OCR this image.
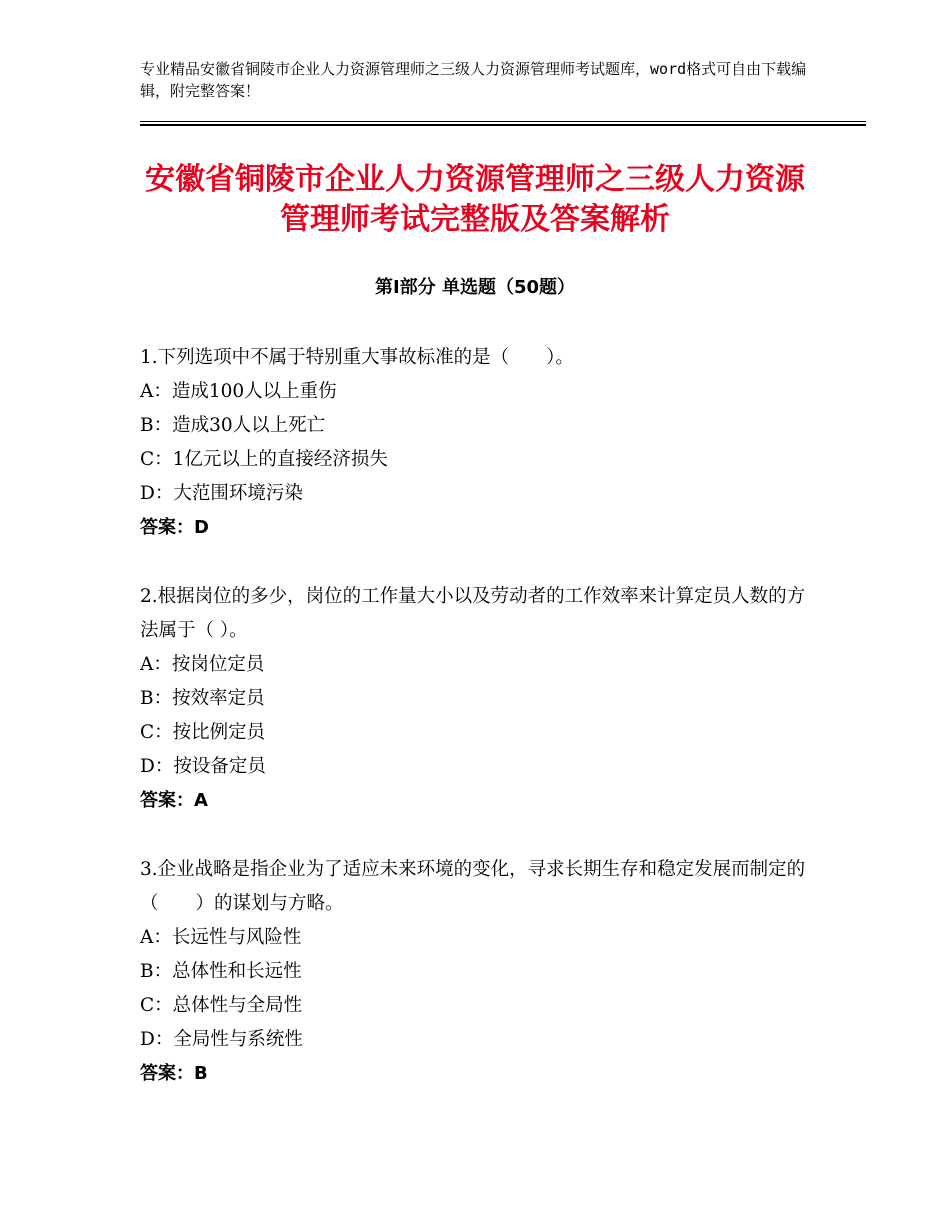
专业精品安徽省铜陵市企业人力资源管理师之三级人力资源管理师考试题库，word格式可自由下载编辑，附完整答案！
安徽省铜陵市企业人力资源管理师之三级人力资源管理师考试完整版及答案解析
第Ⅰ部分 单选题（50题）

1.下列选项中不属于特别重大事故标准的是（　　）。

A：造成100人以上重伤

B：造成30人以上死亡

C：1亿元以上的直接经济损失

D：大范围环境污染

答案：D

2.根据岗位的多少，岗位的工作量大小以及劳动者的工作效率来计算定员人数的方法属于（ ）。

A：按岗位定员

B：按效率定员

C：按比例定员

D：按设备定员

答案：A

3.企业战略是指企业为了适应未来环境的变化，寻求长期生存和稳定发展而制定的（　　）的谋划与方略。

A：长远性与风险性

B：总体性和长远性

C：总体性与全局性

D：全局性与系统性

答案：B
